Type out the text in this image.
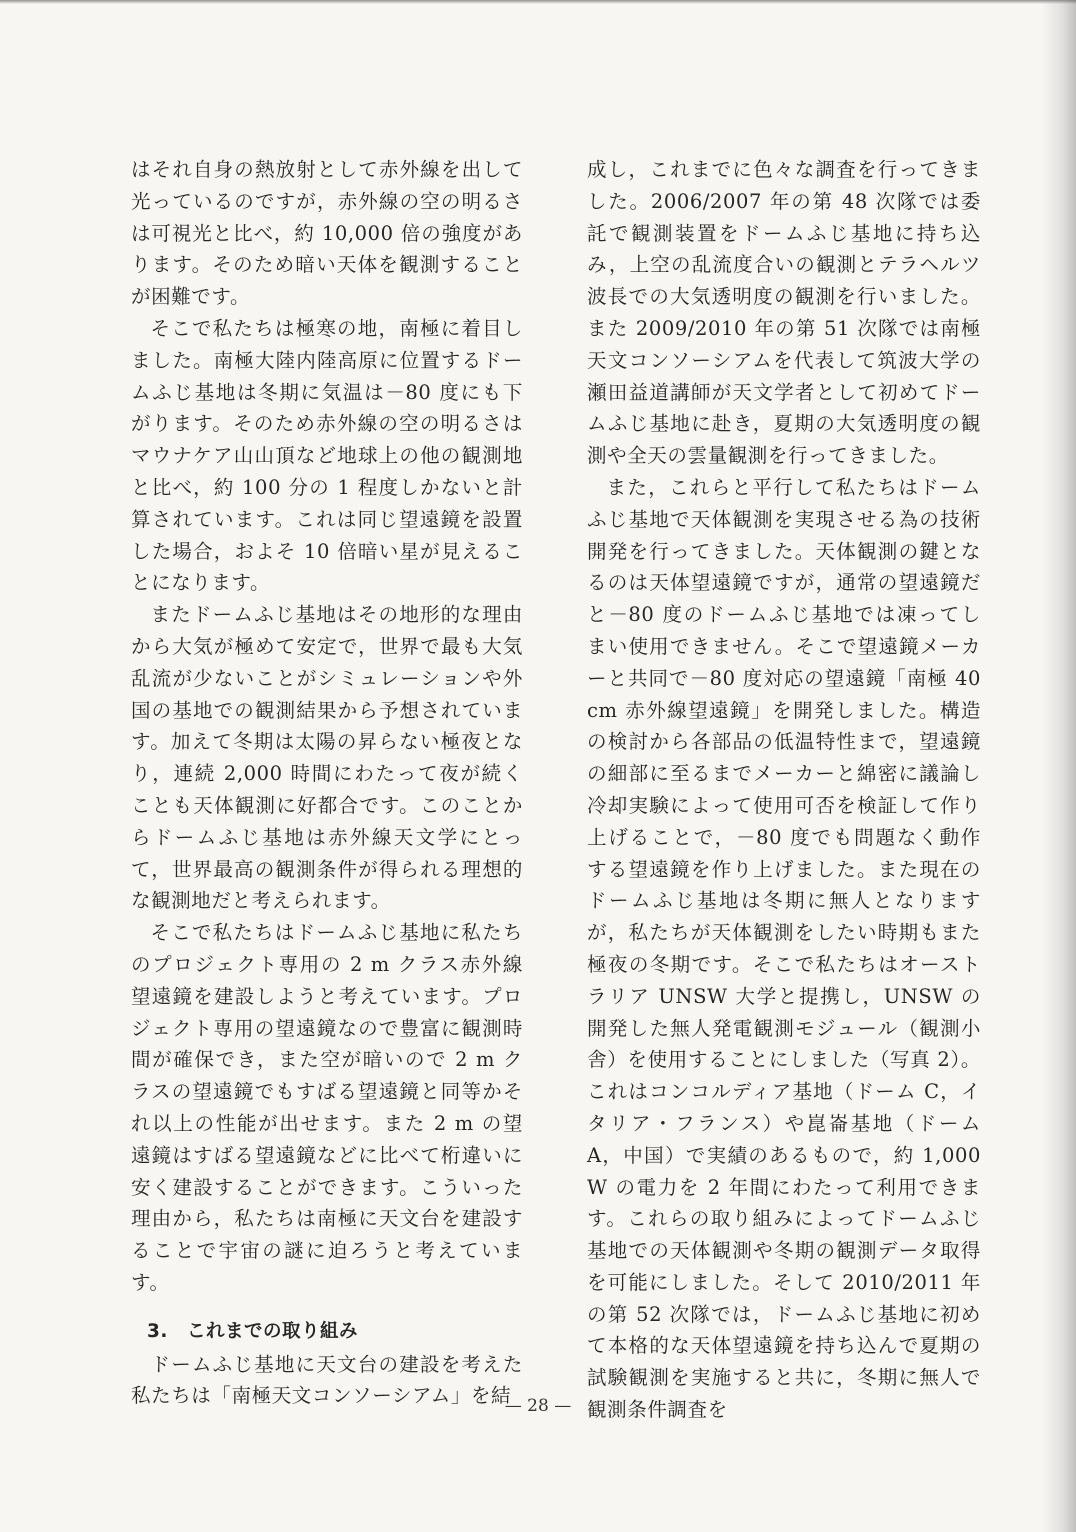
はそれ自身の熱放射として赤外線を出して光っているのですが，赤外線の空の明るさは可視光と比べ，約 10,000 倍の強度があります。そのため暗い天体を観測することが困難です。

そこで私たちは極寒の地，南極に着目しました。南極大陸内陸高原に位置するドームふじ基地は冬期に気温は－80 度にも下がります。そのため赤外線の空の明るさはマウナケア山山頂など地球上の他の観測地と比べ，約 100 分の 1 程度しかないと計算されています。これは同じ望遠鏡を設置した場合，およそ 10 倍暗い星が見えることになります。

またドームふじ基地はその地形的な理由から大気が極めて安定で，世界で最も大気乱流が少ないことがシミュレーションや外国の基地での観測結果から予想されています。加えて冬期は太陽の昇らない極夜となり，連続 2,000 時間にわたって夜が続くことも天体観測に好都合です。このことからドームふじ基地は赤外線天文学にとって，世界最高の観測条件が得られる理想的な観測地だと考えられます。

そこで私たちはドームふじ基地に私たちのプロジェクト専用の 2 m クラス赤外線望遠鏡を建設しようと考えています。プロジェクト専用の望遠鏡なので豊富に観測時間が確保でき，また空が暗いので 2 m クラスの望遠鏡でもすばる望遠鏡と同等かそれ以上の性能が出せます。また 2 m の望遠鏡はすばる望遠鏡などに比べて桁違いに安く建設することができます。こういった理由から，私たちは南極に天文台を建設することで宇宙の謎に迫ろうと考えています。

3. これまでの取り組み

ドームふじ基地に天文台の建設を考えた私たちは「南極天文コンソーシアム」を結

成し，これまでに色々な調査を行ってきました。2006/2007 年の第 48 次隊では委託で観測装置をドームふじ基地に持ち込み，上空の乱流度合いの観測とテラヘルツ波長での大気透明度の観測を行いました。また 2009/2010 年の第 51 次隊では南極天文コンソーシアムを代表して筑波大学の瀬田益道講師が天文学者として初めてドームふじ基地に赴き，夏期の大気透明度の観測や全天の雲量観測を行ってきました。

また，これらと平行して私たちはドームふじ基地で天体観測を実現させる為の技術開発を行ってきました。天体観測の鍵となるのは天体望遠鏡ですが，通常の望遠鏡だと－80 度のドームふじ基地では凍ってしまい使用できません。そこで望遠鏡メーカーと共同で－80 度対応の望遠鏡「南極 40 cm 赤外線望遠鏡」を開発しました。構造の検討から各部品の低温特性まで，望遠鏡の細部に至るまでメーカーと綿密に議論し冷却実験によって使用可否を検証して作り上げることで，－80 度でも問題なく動作する望遠鏡を作り上げました。また現在のドームふじ基地は冬期に無人となりますが，私たちが天体観測をしたい時期もまた極夜の冬期です。そこで私たちはオーストラリア UNSW 大学と提携し，UNSW の開発した無人発電観測モジュール（観測小舎）を使用することにしました（写真 2）。これはコンコルディア基地（ドーム C，イタリア・フランス）や崑崙基地（ドーム A，中国）で実績のあるもので，約 1,000 W の電力を 2 年間にわたって利用できます。これらの取り組みによってドームふじ基地での天体観測や冬期の観測データ取得を可能にしました。そして 2010/2011 年の第 52 次隊では，ドームふじ基地に初めて本格的な天体望遠鏡を持ち込んで夏期の試験観測を実施すると共に，冬期に無人で観測条件調査を

— 28 —
